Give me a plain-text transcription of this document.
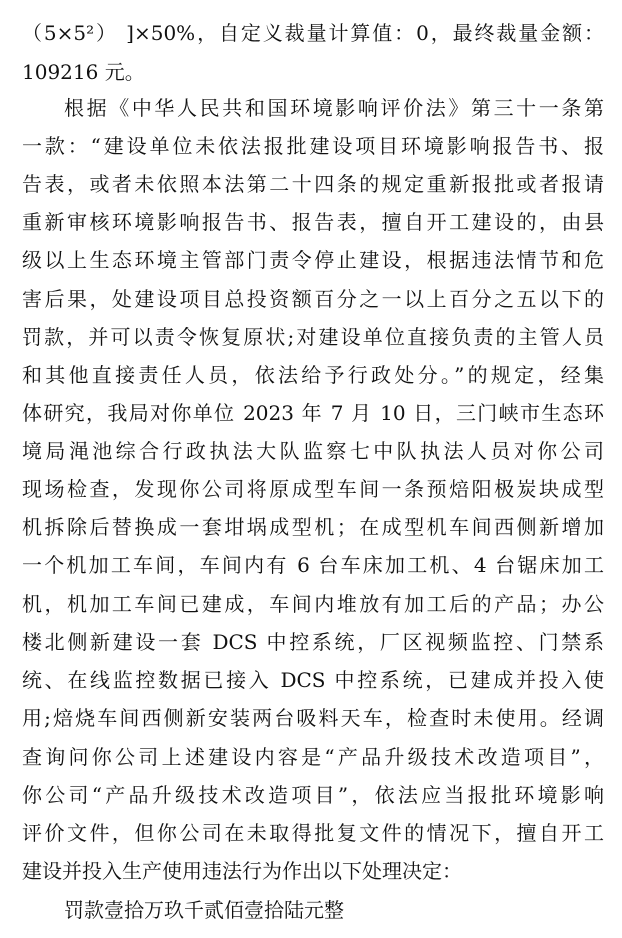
（5×5²） ]×50%，自定义裁量计算值：0，最终裁量金额：
109216 元。
根据《中华人民共和国环境影响评价法》第三十一条第
一款：“建设单位未依法报批建设项目环境影响报告书、报
告表，或者未依照本法第二十四条的规定重新报批或者报请
重新审核环境影响报告书、报告表，擅自开工建设的，由县
级以上生态环境主管部门责令停止建设，根据违法情节和危
害后果，处建设项目总投资额百分之一以上百分之五以下的
罚款，并可以责令恢复原状;对建设单位直接负责的主管人员
和其他直接责任人员，依法给予行政处分。”的规定，经集
体研究，我局对你单位 2023 年 7 月 10 日，三门峡市生态环
境局渑池综合行政执法大队监察七中队执法人员对你公司
现场检查，发现你公司将原成型车间一条预焙阳极炭块成型
机拆除后替换成一套坩埚成型机；在成型机车间西侧新增加
一个机加工车间，车间内有 6 台车床加工机、4 台锯床加工
机，机加工车间已建成，车间内堆放有加工后的产品；办公
楼北侧新建设一套 DCS 中控系统，厂区视频监控、门禁系
统、在线监控数据已接入 DCS 中控系统，已建成并投入使
用;焙烧车间西侧新安装两台吸料天车，检查时未使用。经调
查询问你公司上述建设内容是“产品升级技术改造项目”，
你公司“产品升级技术改造项目”，依法应当报批环境影响
评价文件，但你公司在未取得批复文件的情况下，擅自开工
建设并投入生产使用违法行为作出以下处理决定：
罚款壹拾万玖千贰佰壹拾陆元整
